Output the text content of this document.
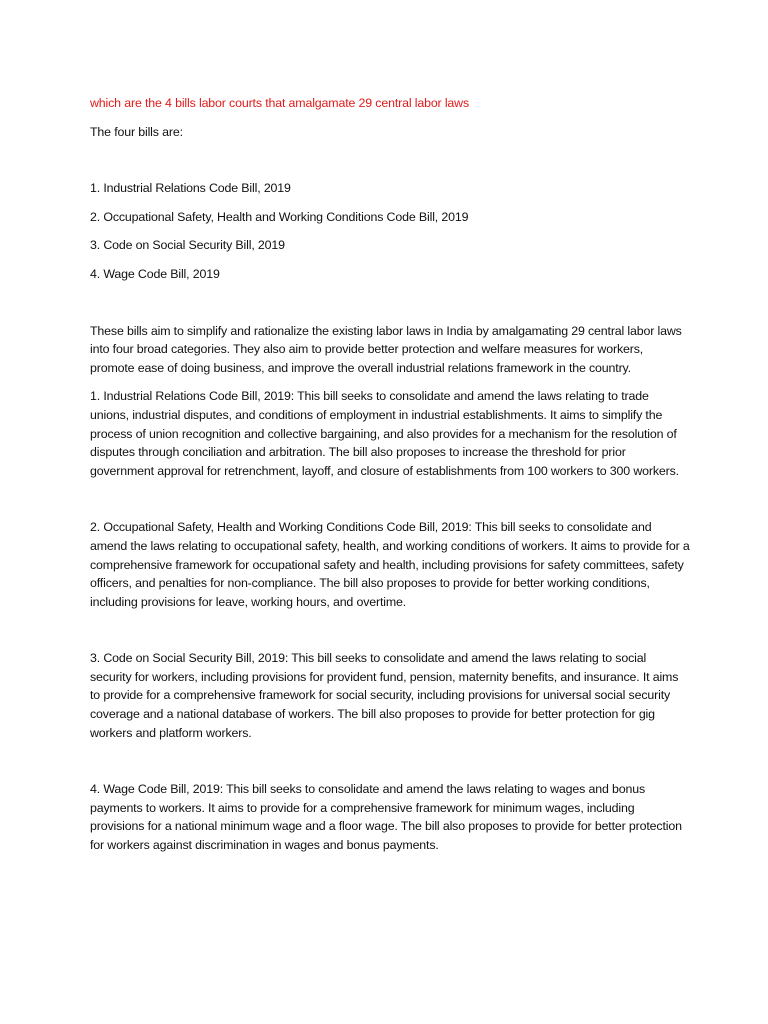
which are the 4 bills labor courts that amalgamate 29 central labor laws

The four bills are:

1. Industrial Relations Code Bill, 2019

2. Occupational Safety, Health and Working Conditions Code Bill, 2019

3. Code on Social Security Bill, 2019

4. Wage Code Bill, 2019

These bills aim to simplify and rationalize the existing labor laws in India by amalgamating 29 central labor laws into four broad categories. They also aim to provide better protection and welfare measures for workers, promote ease of doing business, and improve the overall industrial relations framework in the country.

1. Industrial Relations Code Bill, 2019: This bill seeks to consolidate and amend the laws relating to trade unions, industrial disputes, and conditions of employment in industrial establishments. It aims to simplify the process of union recognition and collective bargaining, and also provides for a mechanism for the resolution of disputes through conciliation and arbitration. The bill also proposes to increase the threshold for prior government approval for retrenchment, layoff, and closure of establishments from 100 workers to 300 workers.

2. Occupational Safety, Health and Working Conditions Code Bill, 2019: This bill seeks to consolidate and amend the laws relating to occupational safety, health, and working conditions of workers. It aims to provide for a comprehensive framework for occupational safety and health, including provisions for safety committees, safety officers, and penalties for non-compliance. The bill also proposes to provide for better working conditions, including provisions for leave, working hours, and overtime.

3. Code on Social Security Bill, 2019: This bill seeks to consolidate and amend the laws relating to social security for workers, including provisions for provident fund, pension, maternity benefits, and insurance. It aims to provide for a comprehensive framework for social security, including provisions for universal social security coverage and a national database of workers. The bill also proposes to provide for better protection for gig workers and platform workers.

4. Wage Code Bill, 2019: This bill seeks to consolidate and amend the laws relating to wages and bonus payments to workers. It aims to provide for a comprehensive framework for minimum wages, including provisions for a national minimum wage and a floor wage. The bill also proposes to provide for better protection for workers against discrimination in wages and bonus payments.
